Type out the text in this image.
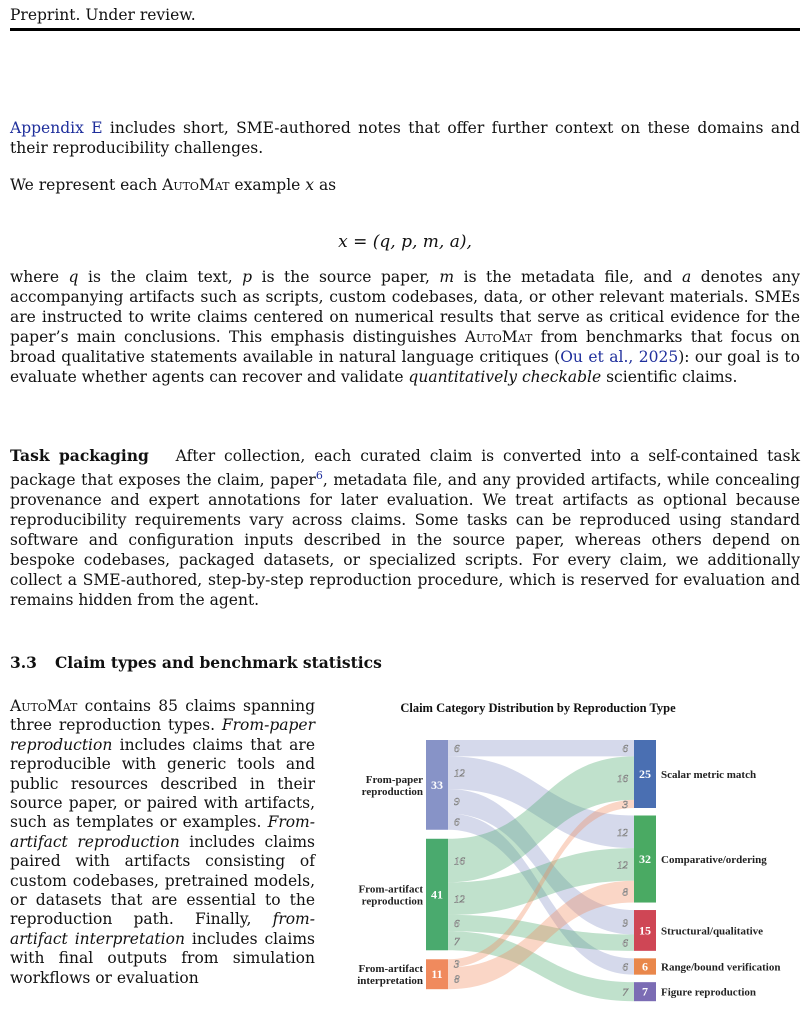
Preprint. Under review.
Appendix E includes short, SME-authored notes that offer further context on these domains and their reproducibility challenges.
We represent each AutoMat example x as
x = (q, p, m, a),
where q is the claim text, p is the source paper, m is the metadata file, and a denotes any accompanying artifacts such as scripts, custom codebases, data, or other relevant materials. SMEs are instructed to write claims centered on numerical results that serve as critical evidence for the paper’s main conclusions. This emphasis distinguishes AutoMat from benchmarks that focus on broad qualitative statements available in natural language critiques (Ou et al., 2025): our goal is to evaluate whether agents can recover and validate quantitatively checkable scientific claims.
Task packaging   After collection, each curated claim is converted into a self-contained task package that exposes the claim, paper$^6$, metadata file, and any provided artifacts, while concealing provenance and expert annotations for later evaluation. We treat artifacts as optional because reproducibility requirements vary across claims. Some tasks can be reproduced using standard software and configuration inputs described in the source paper, whereas others depend on bespoke codebases, packaged datasets, or specialized scripts. For every claim, we additionally collect a SME-authored, step-by-step reproduction procedure, which is reserved for evaluation and remains hidden from the agent.
3.3 Claim types and benchmark statistics
AutoMat contains 85 claims spanning three reproduction types. From-paper reproduction includes claims that are reproducible with generic tools and public resources described in their source paper, or paired with artifacts, such as templates or examples. From-artifact reproduction includes claims paired with artifacts consisting of custom codebases, pretrained models, or datasets that are essential to the reproduction path. Finally, from-artifact interpretation includes claims with final outputs from simulation workflows or evaluation
Claim Category Distribution by Reproduction Type
6	6
12
12
9
9
6
6
16
16
12
12
6
6
7
7
3
3
8
8
33
From-paper
reproduction
41
From-artifact
reproduction
11
From-artifact
interpretation
25 Scalar metric match
32 Comparative/ordering
15 Structural/qualitative
6 Range/bound verification
7 Figure reproduction
